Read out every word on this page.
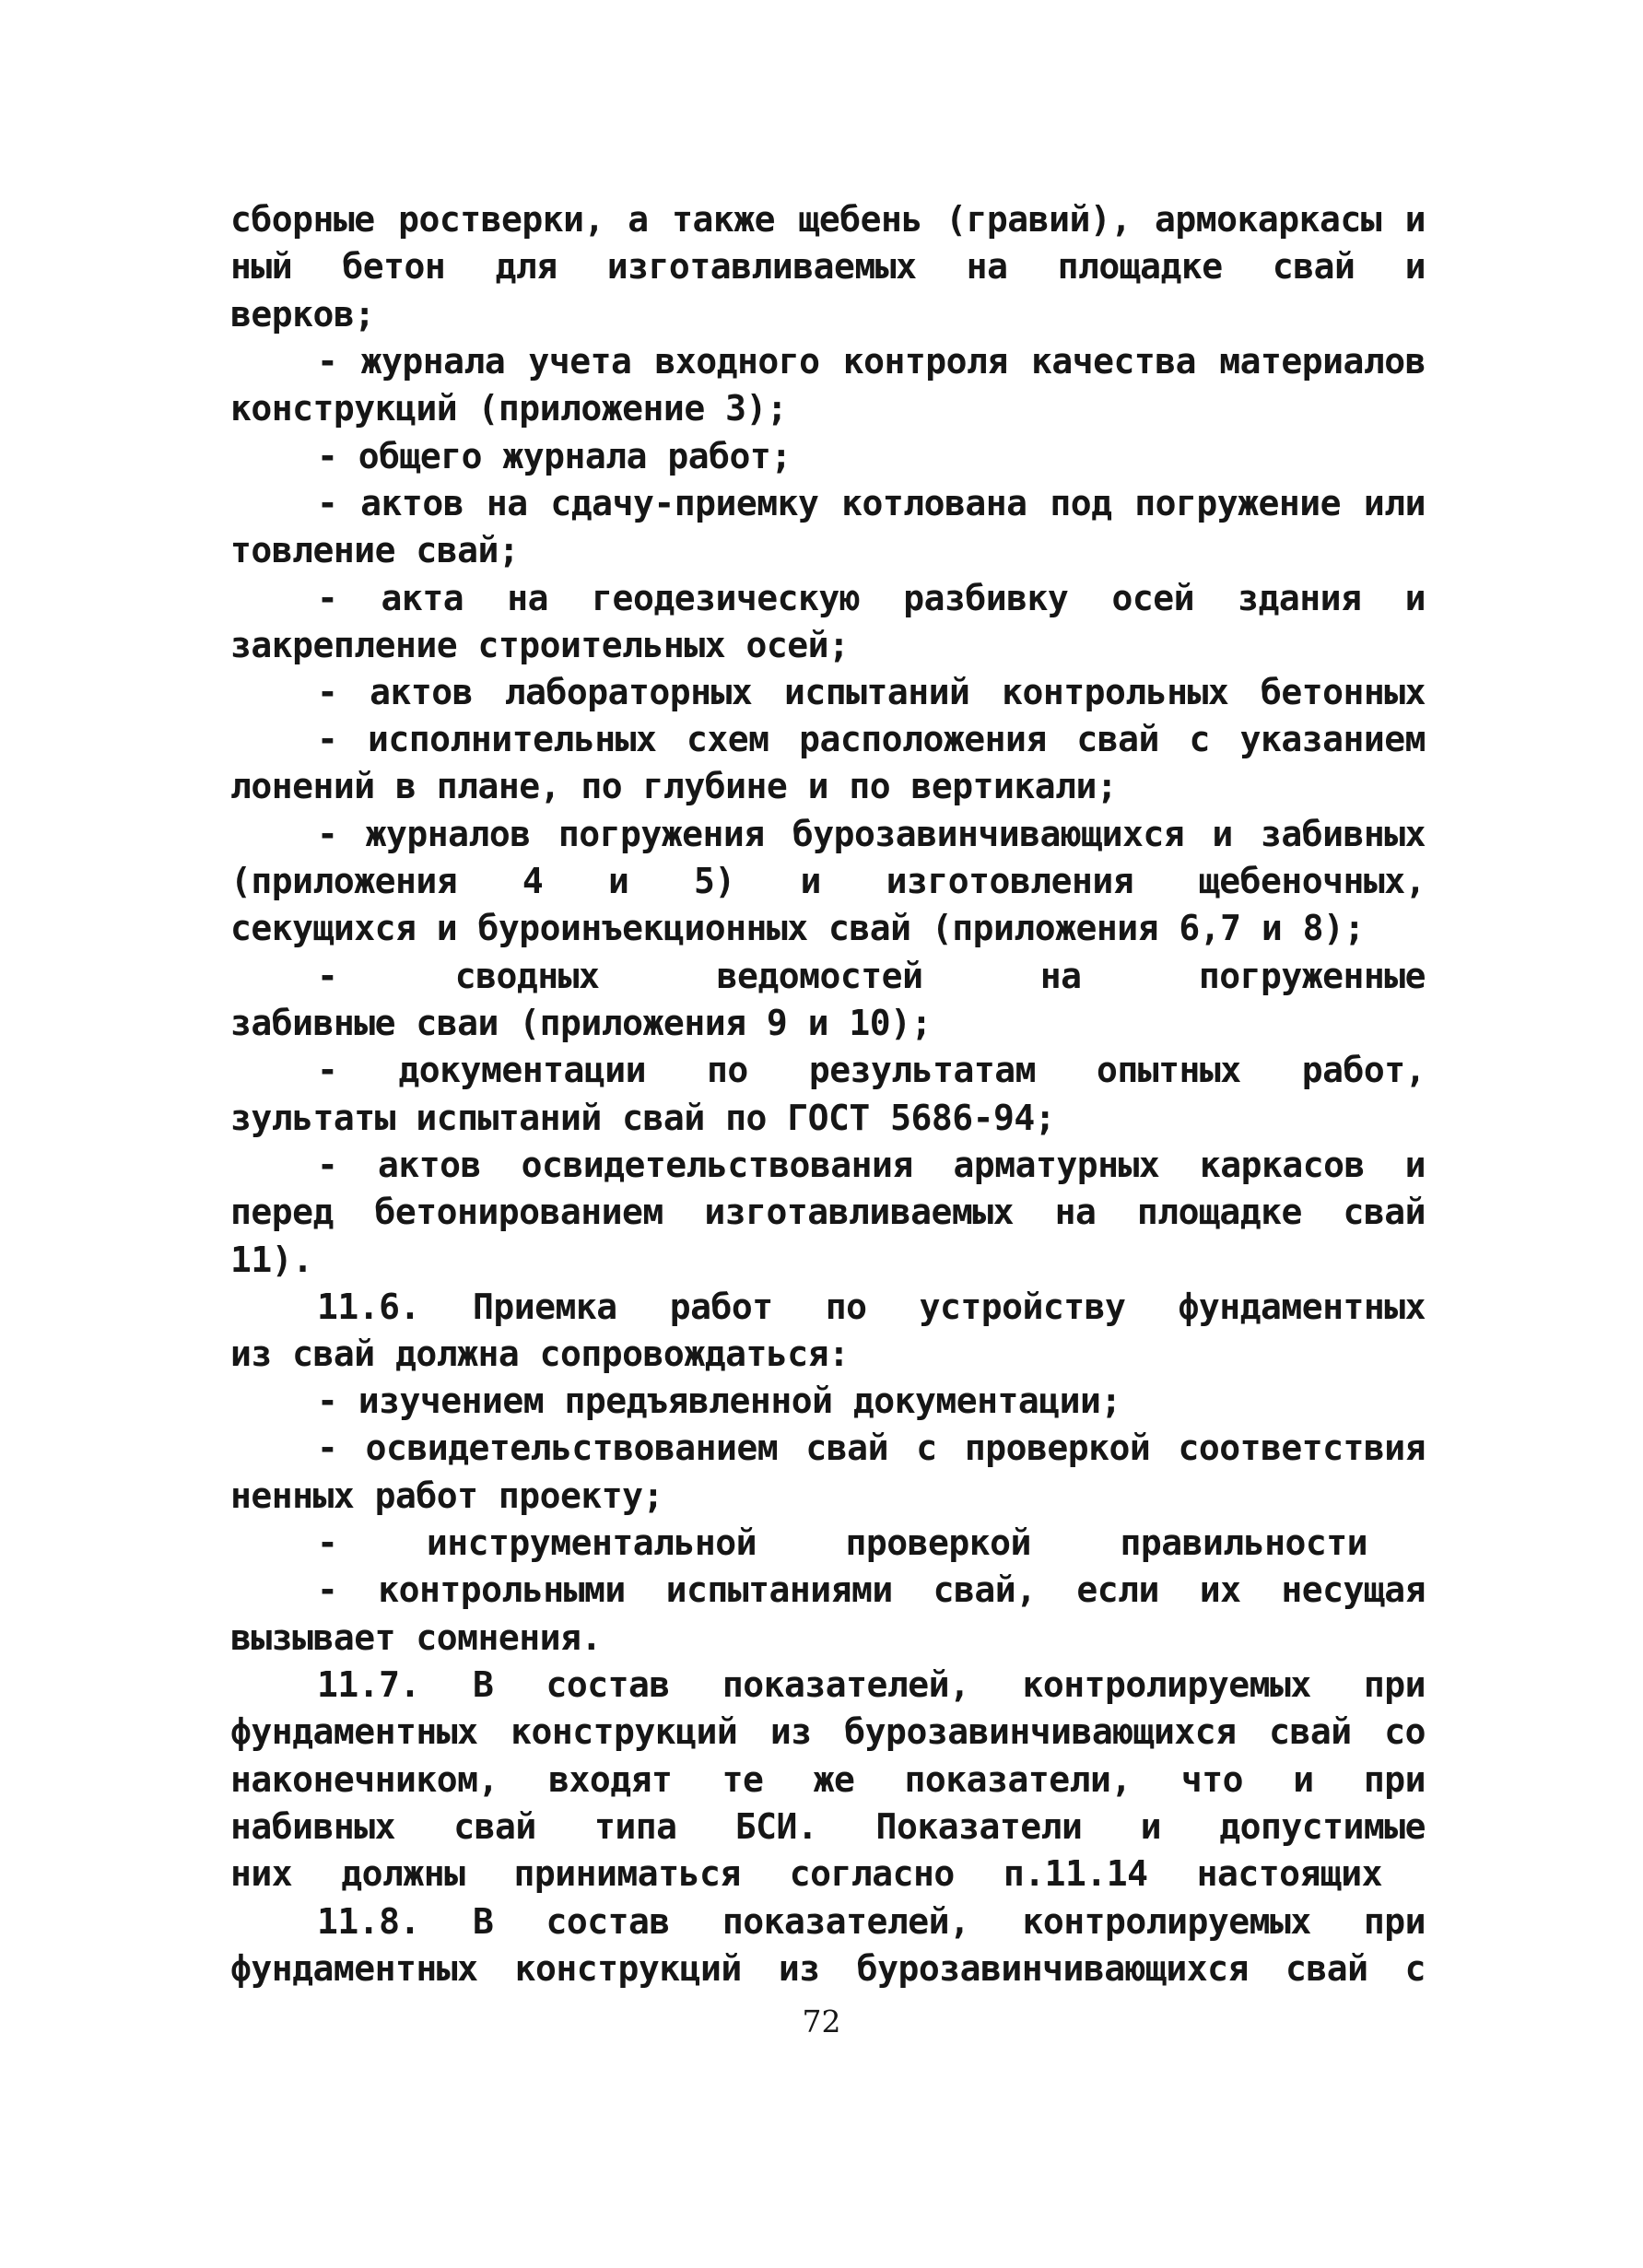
сборные ростверки, а также щебень (гравий), армокаркасы и
ный бетон для изготавливаемых на площадке свай и
верков;
- журнала учета входного контроля качества материалов
конструкций (приложение 3);
- общего журнала работ;
- актов на сдачу-приемку котлована под погружение или
товление свай;
- акта на геодезическую разбивку осей здания и
закрепление строительных осей;
- актов лабораторных испытаний контрольных бетонных
- исполнительных схем расположения свай с указанием
лонений в плане, по глубине и по вертикали;
- журналов погружения бурозавинчивающихся и забивных
(приложения 4 и 5) и изготовления щебеночных,
секущихся и буроинъекционных свай (приложения 6,7 и 8);
- сводных ведомостей на погруженные
забивные сваи (приложения 9 и 10);
- документации по результатам опытных работ,
зультаты испытаний свай по ГОСТ 5686-94;
- актов освидетельствования арматурных каркасов и
перед бетонированием изготавливаемых на площадке свай
11).
11.6. Приемка работ по устройству фундаментных
из свай должна сопровождаться:
- изучением предъявленной документации;
- освидетельствованием свай с проверкой соответствия
ненных работ проекту;
- инструментальной проверкой правильности
- контрольными испытаниями свай, если их несущая
вызывает сомнения.
11.7. В состав показателей, контролируемых при
фундаментных конструкций из бурозавинчивающихся свай со
наконечником, входят те же показатели, что и при
набивных свай типа БСИ. Показатели и допустимые
них должны приниматься согласно п.11.14 настоящих
11.8. В состав показателей, контролируемых при
фундаментных конструкций из бурозавинчивающихся свай с
72
